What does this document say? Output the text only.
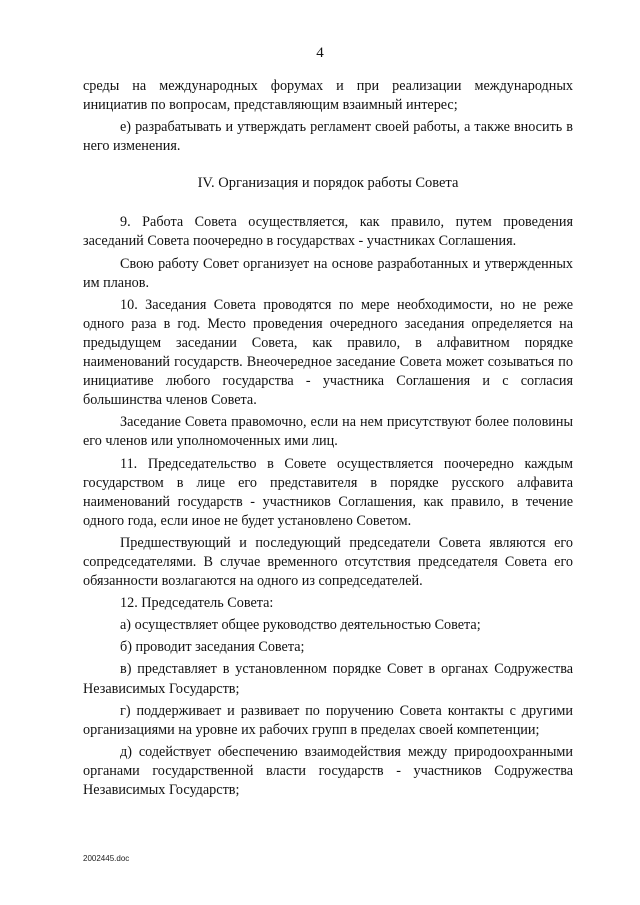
4

среды на международных форумах и при реализации международных инициатив по вопросам, представляющим взаимный интерес;

е) разрабатывать и утверждать регламент своей работы, а также вносить в него изменения.

IV. Организация и порядок работы Совета

9. Работа Совета осуществляется, как правило, путем проведения заседаний Совета поочередно в государствах - участниках Соглашения.

Свою работу Совет организует на основе разработанных и утвержденных им планов.

10. Заседания Совета проводятся по мере необходимости, но не реже одного раза в год. Место проведения очередного заседания определяется на предыдущем заседании Совета, как правило, в алфавитном порядке наименований государств. Внеочередное заседание Совета может созываться по инициативе любого государства - участника Соглашения и с согласия большинства членов Совета.

Заседание Совета правомочно, если на нем присутствуют более половины его членов или уполномоченных ими лиц.

11. Председательство в Совете осуществляется поочередно каждым государством в лице его представителя в порядке русского алфавита наименований государств - участников Соглашения, как правило, в течение одного года, если иное не будет установлено Советом.

Предшествующий и последующий председатели Совета являются его сопредседателями. В случае временного отсутствия председателя Совета его обязанности возлагаются на одного из сопредседателей.

12. Председатель Совета:

а) осуществляет общее руководство деятельностью Совета;

б) проводит заседания Совета;

в) представляет в установленном порядке Совет в органах Содружества Независимых Государств;

г) поддерживает и развивает по поручению Совета контакты с другими организациями на уровне их рабочих групп в пределах своей компетенции;

д) содействует обеспечению взаимодействия между природоохранными органами государственной власти государств - участников Содружества Независимых Государств;

2002445.doc
